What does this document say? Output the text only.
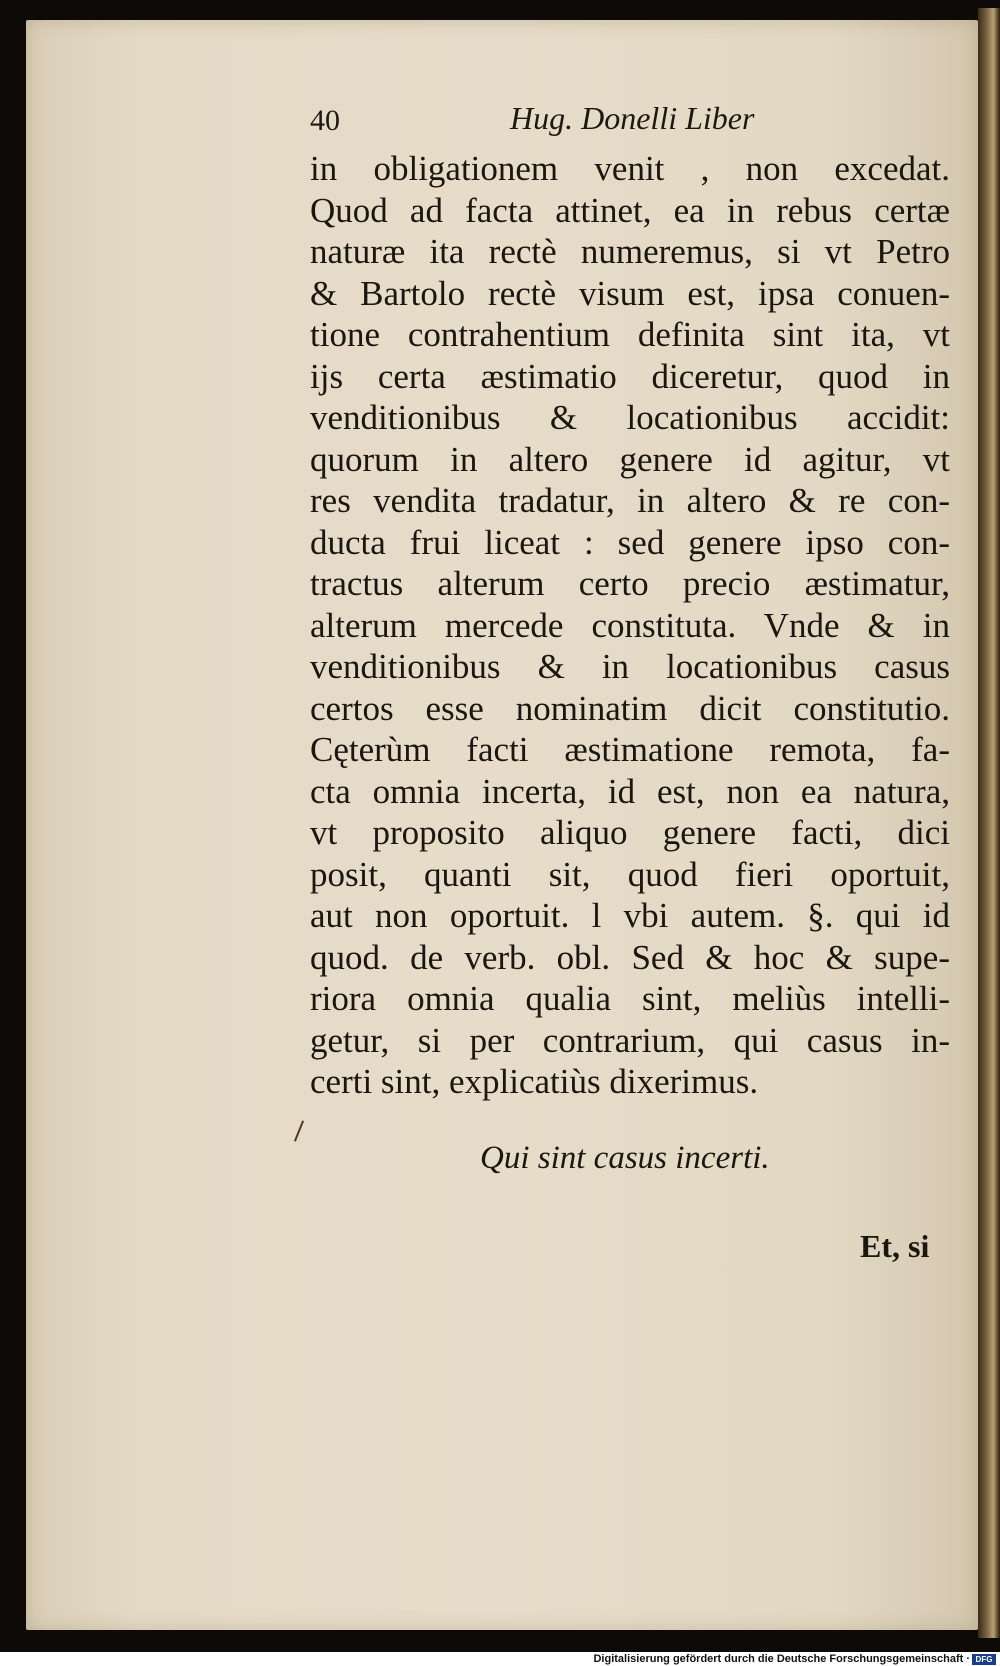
40	Hug. Donelli Liber
in obligationem venit , non excedat.
Quod ad facta attinet, ea in rebus certæ
naturæ ita rectè numeremus, si vt Petro
& Bartolo rectè visum est, ipsa conuen-
tione contrahentium definita sint ita, vt
ijs certa æstimatio diceretur, quod in
venditionibus & locationibus accidit:
quorum in altero genere id agitur, vt
res vendita tradatur, in altero & re con-
ducta frui liceat : sed genere ipso con-
tractus alterum certo precio æstimatur,
alterum mercede constituta. Vnde & in
venditionibus & in locationibus casus
certos esse nominatim dicit constitutio.
Cęterùm facti æstimatione remota, fa-
cta omnia incerta, id est, non ea natura,
vt proposito aliquo genere facti, dici
posit, quanti sit, quod fieri oportuit,
aut non oportuit. l vbi autem. §. qui id
quod. de verb. obl. Sed & hoc & supe-
riora omnia qualia sint, meliùs intelli-
getur, si per contrarium, qui casus in-
certi sint, explicatiùs dixerimus.
Qui sint casus incerti.
Et, si
Digitalisierung gefördert durch die Deutsche Forschungsgemeinschaft · DFG
